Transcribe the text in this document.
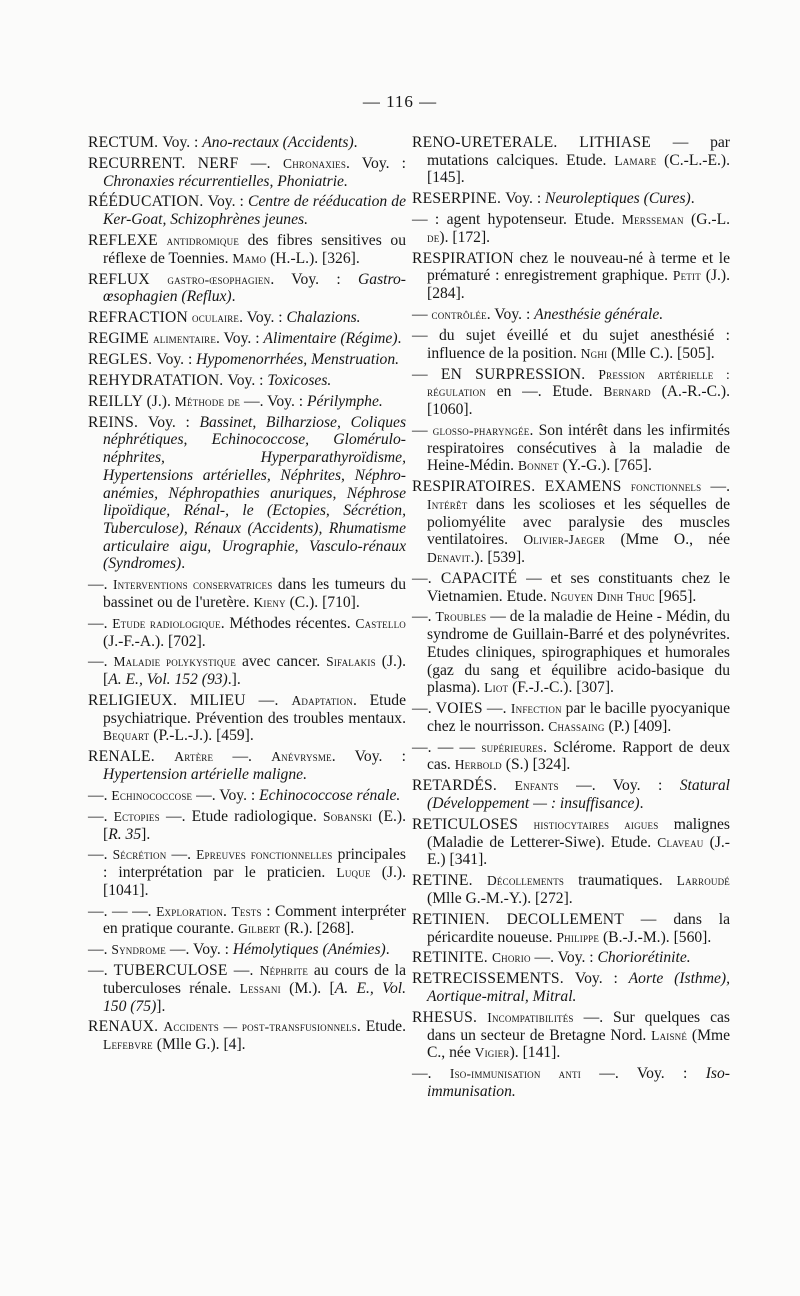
— 116 —

RECTUM. Voy. : Ano-rectaux (Accidents).

RECURRENT. NERF —. Chronaxies. Voy. : Chronaxies récurrentielles, Phoniatrie.

RÉÉDUCATION. Voy. : Centre de rééducation de Ker-Goat, Schizophrènes jeunes.

REFLEXE antidromique des fibres sensitives ou réflexe de Toennies. Mamo (H.-L.). [326].

REFLUX gastro-œsophagien. Voy. : Gastro-œsophagien (Reflux).

REFRACTION oculaire. Voy. : Chalazions.

REGIME alimentaire. Voy. : Alimentaire (Régime).

REGLES. Voy. : Hypomenorrhées, Menstruation.

REHYDRATATION. Voy. : Toxicoses.

REILLY (J.). Méthode de —. Voy. : Périlymphe.

REINS. Voy. : Bassinet, Bilharziose, Coliques néphrétiques, Echinococcose, Glomérulo-néphrites, Hyperparathyroïdisme, Hypertensions artérielles, Néphrites, Néphro-anémies, Néphropathies anuriques, Néphrose lipoïdique, Rénal-, le (Ectopies, Sécrétion, Tuberculose), Rénaux (Accidents), Rhumatisme articulaire aigu, Urographie, Vasculo-rénaux (Syndromes).

—. Interventions conservatrices dans les tumeurs du bassinet ou de l'uretère. Kieny (C.). [710].

—. Etude radiologique. Méthodes récentes. Castello (J.-F.-A.). [702].

—. Maladie polykystique avec cancer. Sifalakis (J.). [A. E., Vol. 152 (93).].

RELIGIEUX. MILIEU —. Adaptation. Etude psychiatrique. Prévention des troubles mentaux. Bequart (P.-L.-J.). [459].

RENALE. Artère —. Anévrysme. Voy. : Hypertension artérielle maligne.

—. Echinococcose —. Voy. : Echinococcose rénale.

—. Ectopies —. Etude radiologique. Sobanski (E.). [R. 35].

—. Sécrétion —. Epreuves fonctionnelles principales : interprétation par le praticien. Luque (J.). [1041].

—. — —. Exploration. Tests : Comment interpréter en pratique courante. Gilbert (R.). [268].

—. Syndrome —. Voy. : Hémolytiques (Anémies).

—. TUBERCULOSE —. Néphrite au cours de la tuberculoses rénale. Lessani (M.). [A. E., Vol. 150 (75)].

RENAUX. Accidents — post-transfusionnels. Etude. Lefebvre (Mlle G.). [4].

RENO-URETERALE. LITHIASE — par mutations calciques. Etude. Lamare (C.-L.-E.). [145].

RESERPINE. Voy. : Neuroleptiques (Cures).

— : agent hypotenseur. Etude. Merssеman (G.-L. de). [172].

RESPIRATION chez le nouveau-né à terme et le prématuré : enregistrement graphique. Petit (J.). [284].

— contrôlée. Voy. : Anesthésie générale.

— du sujet éveillé et du sujet anesthésié : influence de la position. Nghi (Mlle C.). [505].

— EN SURPRESSION. Pression artérielle : régulation en —. Etude. Bernard (A.-R.-C.). [1060].

— glosso-pharyngée. Son intérêt dans les infirmités respiratoires consécutives à la maladie de Heine-Médin. Bonnet (Y.-G.). [765].

RESPIRATOIRES. EXAMENS fonctionnels —. Intérêt dans les scolioses et les séquelles de poliomyélite avec paralysie des muscles ventilatoires. Olivier-Jaeger (Mme O., née Denavit.). [539].

—. CAPACITÉ — et ses constituants chez le Vietnamien. Etude. Nguyen Dinh Thuc [965].

—. Troubles — de la maladie de Heine - Médin, du syndrome de Guillain-Barré et des polynévrites. Etudes cliniques, spirographiques et humorales (gaz du sang et équilibre acido-basique du plasma). Liot (F.-J.-C.). [307].

—. VOIES —. Infection par le bacille pyocyanique chez le nourrisson. Chassaing (P.) [409].

—. — — supérieures. Sclérome. Rapport de deux cas. Herbold (S.) [324].

RETARDÉS. Enfants —. Voy. : Statural (Développement — : insuffisance).

RETICULOSES histiocytaires aigues malignes (Maladie de Letterer-Siwe). Etude. Claveau (J.-E.) [341].

RETINE. Décollements traumatiques. Larroudé (Mlle G.-M.-Y.). [272].

RETINIEN. DECOLLEMENT — dans la péricardite noueuse. Philippe (B.-J.-M.). [560].

RETINITE. Chorio —. Voy. : Choriorétinite.

RETRECISSEMENTS. Voy. : Aorte (Isthme), Aortique-mitral, Mitral.

RHESUS. Incompatibilités —. Sur quelques cas dans un secteur de Bretagne Nord. Laisné (Mme C., née Vigier). [141].

—. Iso-immunisation anti —. Voy. : Iso-immunisation.
